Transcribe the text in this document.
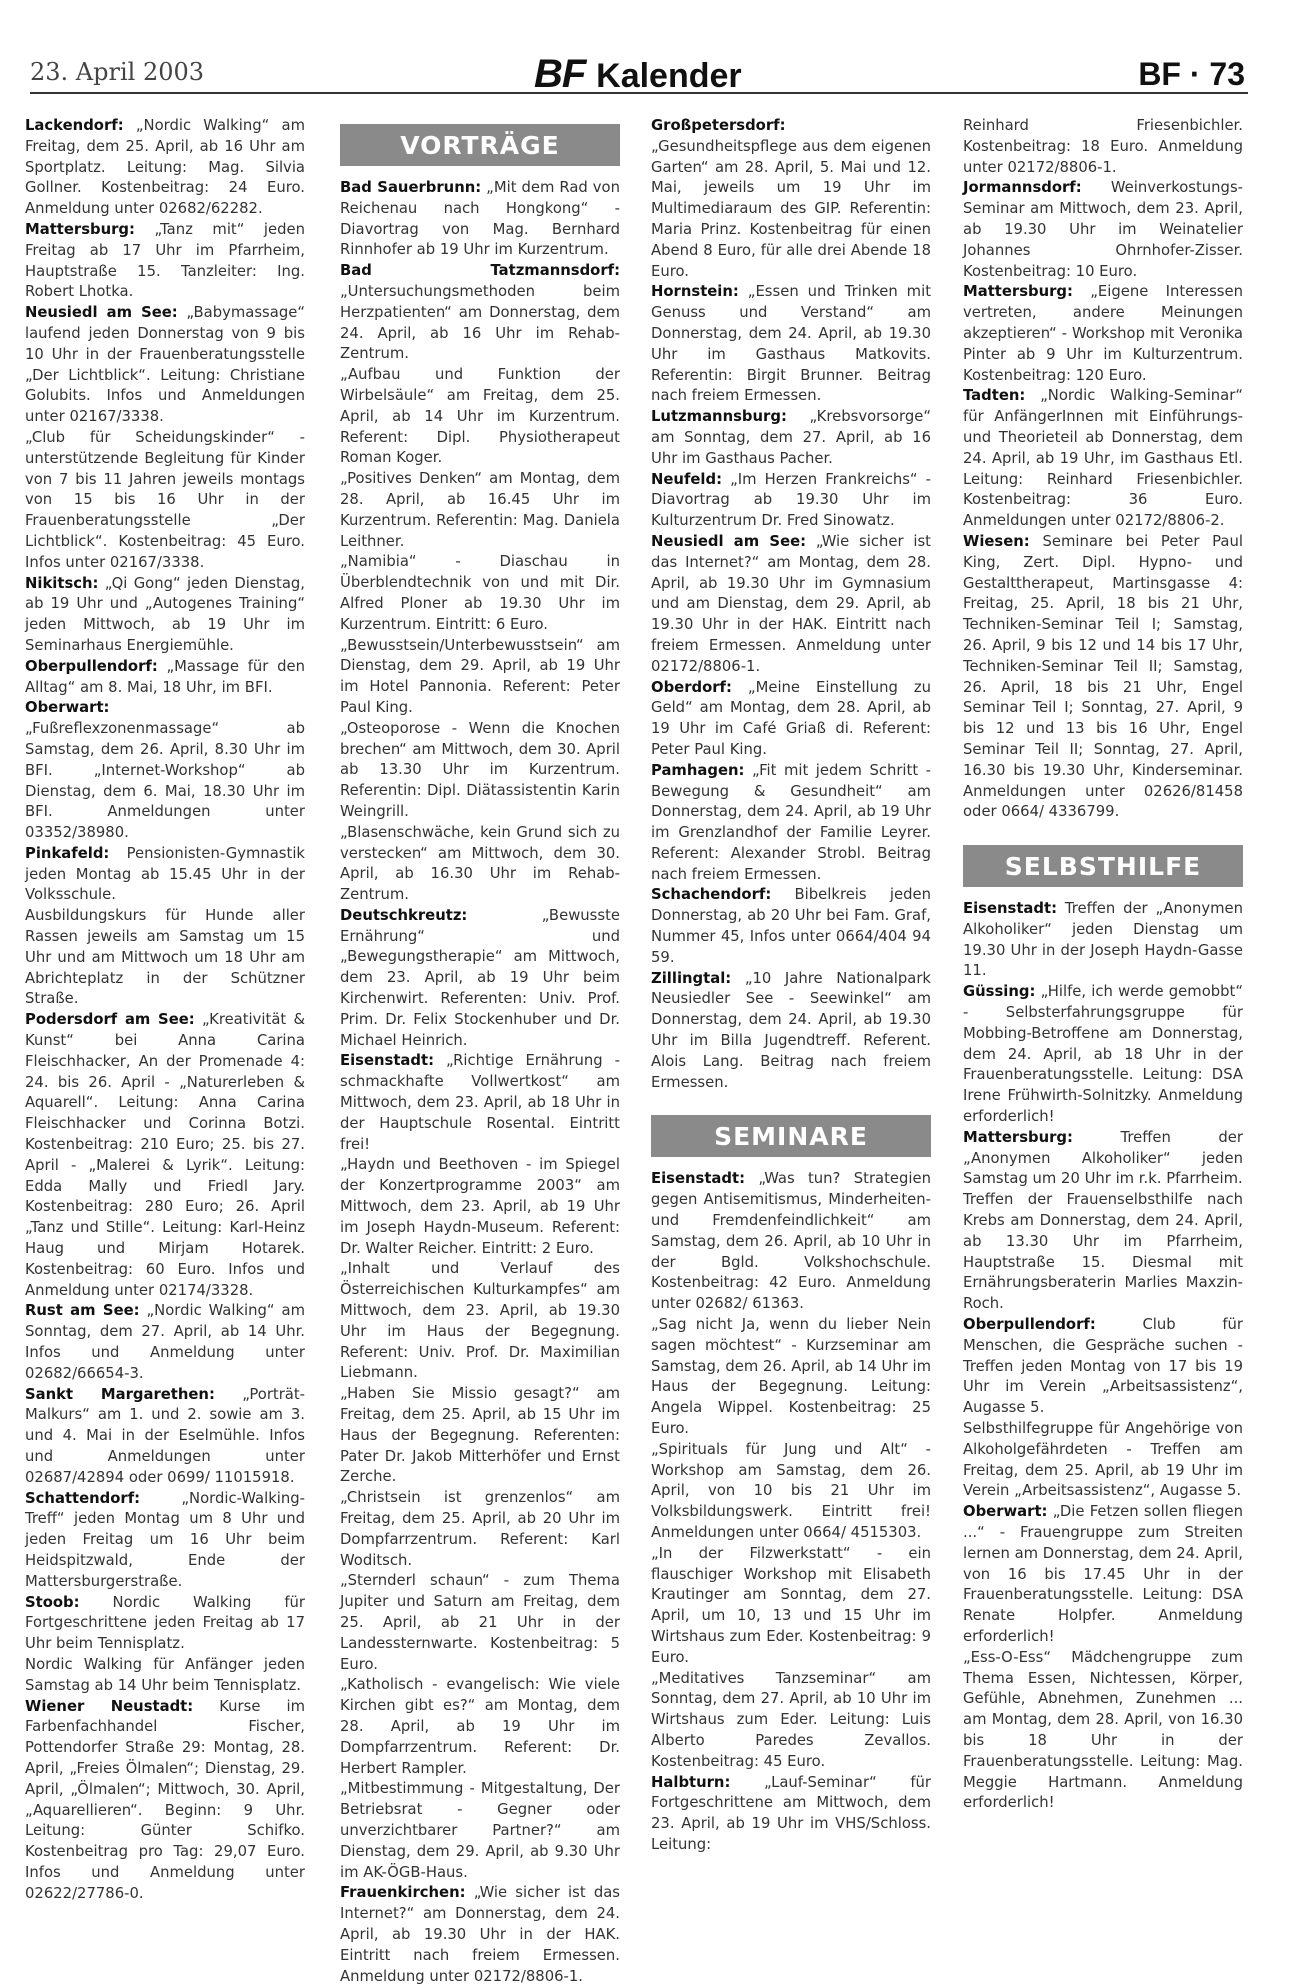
23. April 2003	BF Kalender	BF · 73

Lackendorf: „Nordic Walking“ am Freitag, dem 25. April, ab 16 Uhr am Sportplatz. Leitung: Mag. Silvia Gollner. Kostenbeitrag: 24 Euro. Anmeldung unter 02682/62282.

Mattersburg: „Tanz mit“ jeden Freitag ab 17 Uhr im Pfarrheim, Hauptstraße 15. Tanzleiter: Ing. Robert Lhotka.

Neusiedl am See: „Babymassage“ laufend jeden Donnerstag von 9 bis 10 Uhr in der Frauenberatungsstelle „Der Lichtblick“. Leitung: Christiane Golubits. Infos und Anmeldungen unter 02167/3338.

„Club für Scheidungskinder“ - unterstützende Begleitung für Kinder von 7 bis 11 Jahren jeweils montags von 15 bis 16 Uhr in der Frauenberatungsstelle „Der Lichtblick“. Kostenbeitrag: 45 Euro. Infos unter 02167/3338.

Nikitsch: „Qi Gong“ jeden Dienstag, ab 19 Uhr und „Autogenes Training“ jeden Mittwoch, ab 19 Uhr im Seminarhaus Energiemühle.

Oberpullendorf: „Massage für den Alltag“ am 8. Mai, 18 Uhr, im BFI.

Oberwart: „Fußreflexzonenmassage“ ab Samstag, dem 26. April, 8.30 Uhr im BFI. „Internet-Workshop“ ab Dienstag, dem 6. Mai, 18.30 Uhr im BFI. Anmeldungen unter 03352/38980.

Pinkafeld: Pensionisten-Gymnastik jeden Montag ab 15.45 Uhr in der Volksschule.

Ausbildungskurs für Hunde aller Rassen jeweils am Samstag um 15 Uhr und am Mittwoch um 18 Uhr am Abrichteplatz in der Schützner Straße.

Podersdorf am See: „Kreativität & Kunst“ bei Anna Carina Fleischhacker, An der Promenade 4: 24. bis 26. April - „Naturerleben & Aquarell“. Leitung: Anna Carina Fleischhacker und Corinna Botzi. Kostenbeitrag: 210 Euro; 25. bis 27. April - „Malerei & Lyrik“. Leitung: Edda Mally und Friedl Jary. Kostenbeitrag: 280 Euro; 26. April „Tanz und Stille“. Leitung: Karl-Heinz Haug und Mirjam Hotarek. Kostenbeitrag: 60 Euro. Infos und Anmeldung unter 02174/3328.

Rust am See: „Nordic Walking“ am Sonntag, dem 27. April, ab 14 Uhr. Infos und Anmeldung unter 02682/66654-3.

Sankt Margarethen: „Porträt-Malkurs“ am 1. und 2. sowie am 3. und 4. Mai in der Eselmühle. Infos und Anmeldungen unter 02687/42894 oder 0699/ 11015918.

Schattendorf: „Nordic-Walking-Treff“ jeden Montag um 8 Uhr und jeden Freitag um 16 Uhr beim Heidspitzwald, Ende der Mattersburgerstraße.

Stoob: Nordic Walking für Fortgeschrittene jeden Freitag ab 17 Uhr beim Tennisplatz.

Nordic Walking für Anfänger jeden Samstag ab 14 Uhr beim Tennisplatz.

Wiener Neustadt: Kurse im Farbenfachhandel Fischer, Pottendorfer Straße 29: Montag, 28. April, „Freies Ölmalen“; Dienstag, 29. April, „Ölmalen“; Mittwoch, 30. April, „Aquarellieren“. Beginn: 9 Uhr. Leitung: Günter Schifko. Kostenbeitrag pro Tag: 29,07 Euro. Infos und Anmeldung unter 02622/27786-0.

VORTRÄGE

Bad Sauerbrunn: „Mit dem Rad von Reichenau nach Hongkong“ - Diavortrag von Mag. Bernhard Rinnhofer ab 19 Uhr im Kurzentrum.

Bad Tatzmannsdorf: „Untersuchungsmethoden beim Herzpatienten“ am Donnerstag, dem 24. April, ab 16 Uhr im Rehab-Zentrum.

„Aufbau und Funktion der Wirbelsäule“ am Freitag, dem 25. April, ab 14 Uhr im Kurzentrum. Referent: Dipl. Physiotherapeut Roman Koger.

„Positives Denken“ am Montag, dem 28. April, ab 16.45 Uhr im Kurzentrum. Referentin: Mag. Daniela Leithner.

„Namibia“ - Diaschau in Überblendtechnik von und mit Dir. Alfred Ploner ab 19.30 Uhr im Kurzentrum. Eintritt: 6 Euro.

„Bewusstsein/Unterbewusstsein“ am Dienstag, dem 29. April, ab 19 Uhr im Hotel Pannonia. Referent: Peter Paul King.

„Osteoporose - Wenn die Knochen brechen“ am Mittwoch, dem 30. April ab 13.30 Uhr im Kurzentrum. Referentin: Dipl. Diätassistentin Karin Weingrill.

„Blasenschwäche, kein Grund sich zu verstecken“ am Mittwoch, dem 30. April, ab 16.30 Uhr im Rehab-Zentrum.

Deutschkreutz: „Bewusste Ernährung“ und „Bewegungstherapie“ am Mittwoch, dem 23. April, ab 19 Uhr beim Kirchenwirt. Referenten: Univ. Prof. Prim. Dr. Felix Stockenhuber und Dr. Michael Heinrich.

Eisenstadt: „Richtige Ernährung - schmackhafte Vollwertkost“ am Mittwoch, dem 23. April, ab 18 Uhr in der Hauptschule Rosental. Eintritt frei!

„Haydn und Beethoven - im Spiegel der Konzertprogramme 2003“ am Mittwoch, dem 23. April, ab 19 Uhr im Joseph Haydn-Museum. Referent: Dr. Walter Reicher. Eintritt: 2 Euro.

„Inhalt und Verlauf des Österreichischen Kulturkampfes“ am Mittwoch, dem 23. April, ab 19.30 Uhr im Haus der Begegnung. Referent: Univ. Prof. Dr. Maximilian Liebmann.

„Haben Sie Missio gesagt?“ am Freitag, dem 25. April, ab 15 Uhr im Haus der Begegnung. Referenten: Pater Dr. Jakob Mitterhöfer und Ernst Zerche.

„Christsein ist grenzenlos“ am Freitag, dem 25. April, ab 20 Uhr im Dompfarrzentrum. Referent: Karl Woditsch.

„Sternderl schaun“ - zum Thema Jupiter und Saturn am Freitag, dem 25. April, ab 21 Uhr in der Landessternwarte. Kostenbeitrag: 5 Euro.

„Katholisch - evangelisch: Wie viele Kirchen gibt es?“ am Montag, dem 28. April, ab 19 Uhr im Dompfarrzentrum. Referent: Dr. Herbert Rampler.

„Mitbestimmung - Mitgestaltung, Der Betriebsrat - Gegner oder unverzichtbarer Partner?“ am Dienstag, dem 29. April, ab 9.30 Uhr im AK-ÖGB-Haus.

Frauenkirchen: „Wie sicher ist das Internet?“ am Donnerstag, dem 24. April, ab 19.30 Uhr in der HAK. Eintritt nach freiem Ermessen. Anmeldung unter 02172/8806-1.

Großpetersdorf: „Gesundheitspflege aus dem eigenen Garten“ am 28. April, 5. Mai und 12. Mai, jeweils um 19 Uhr im Multimediaraum des GIP. Referentin: Maria Prinz. Kostenbeitrag für einen Abend 8 Euro, für alle drei Abende 18 Euro.

Hornstein: „Essen und Trinken mit Genuss und Verstand“ am Donnerstag, dem 24. April, ab 19.30 Uhr im Gasthaus Matkovits. Referentin: Birgit Brunner. Beitrag nach freiem Ermessen.

Lutzmannsburg: „Krebsvorsorge“ am Sonntag, dem 27. April, ab 16 Uhr im Gasthaus Pacher.

Neufeld: „Im Herzen Frankreichs“ - Diavortrag ab 19.30 Uhr im Kulturzentrum Dr. Fred Sinowatz.

Neusiedl am See: „Wie sicher ist das Internet?“ am Montag, dem 28. April, ab 19.30 Uhr im Gymnasium und am Dienstag, dem 29. April, ab 19.30 Uhr in der HAK. Eintritt nach freiem Ermessen. Anmeldung unter 02172/8806-1.

Oberdorf: „Meine Einstellung zu Geld“ am Montag, dem 28. April, ab 19 Uhr im Café Griaß di. Referent: Peter Paul King.

Pamhagen: „Fit mit jedem Schritt - Bewegung & Gesundheit“ am Donnerstag, dem 24. April, ab 19 Uhr im Grenzlandhof der Familie Leyrer. Referent: Alexander Strobl. Beitrag nach freiem Ermessen.

Schachendorf: Bibelkreis jeden Donnerstag, ab 20 Uhr bei Fam. Graf, Nummer 45, Infos unter 0664/404 94 59.

Zillingtal: „10 Jahre Nationalpark Neusiedler See - Seewinkel“ am Donnerstag, dem 24. April, ab 19.30 Uhr im Billa Jugendtreff. Referent. Alois Lang. Beitrag nach freiem Ermessen.

SEMINARE

Eisenstadt: „Was tun? Strategien gegen Antisemitismus, Minderheiten- und Fremdenfeindlichkeit“ am Samstag, dem 26. April, ab 10 Uhr in der Bgld. Volkshochschule. Kostenbeitrag: 42 Euro. Anmeldung unter 02682/ 61363.

„Sag nicht Ja, wenn du lieber Nein sagen möchtest“ - Kurzseminar am Samstag, dem 26. April, ab 14 Uhr im Haus der Begegnung. Leitung: Angela Wippel. Kostenbeitrag: 25 Euro.

„Spirituals für Jung und Alt“ - Workshop am Samstag, dem 26. April, von 10 bis 21 Uhr im Volksbildungswerk. Eintritt frei! Anmeldungen unter 0664/ 4515303.

„In der Filzwerkstatt“ - ein flauschiger Workshop mit Elisabeth Krautinger am Sonntag, dem 27. April, um 10, 13 und 15 Uhr im Wirtshaus zum Eder. Kostenbeitrag: 9 Euro.

„Meditatives Tanzseminar“ am Sonntag, dem 27. April, ab 10 Uhr im Wirtshaus zum Eder. Leitung: Luis Alberto Paredes Zevallos. Kostenbeitrag: 45 Euro.

Halbturn: „Lauf-Seminar“ für Fortgeschrittene am Mittwoch, dem 23. April, ab 19 Uhr im VHS/Schloss. Leitung:

Reinhard Friesenbichler. Kostenbeitrag: 18 Euro. Anmeldung unter 02172/8806-1.

Jormannsdorf: Weinverkostungs-Seminar am Mittwoch, dem 23. April, ab 19.30 Uhr im Weinatelier Johannes Ohrnhofer-Zisser. Kostenbeitrag: 10 Euro.

Mattersburg: „Eigene Interessen vertreten, andere Meinungen akzeptieren“ - Workshop mit Veronika Pinter ab 9 Uhr im Kulturzentrum. Kostenbeitrag: 120 Euro.

Tadten: „Nordic Walking-Seminar“ für AnfängerInnen mit Einführungs- und Theorieteil ab Donnerstag, dem 24. April, ab 19 Uhr, im Gasthaus Etl. Leitung: Reinhard Friesenbichler. Kostenbeitrag: 36 Euro. Anmeldungen unter 02172/8806-2.

Wiesen: Seminare bei Peter Paul King, Zert. Dipl. Hypno- und Gestalttherapeut, Martinsgasse 4: Freitag, 25. April, 18 bis 21 Uhr, Techniken-Seminar Teil I; Samstag, 26. April, 9 bis 12 und 14 bis 17 Uhr, Techniken-Seminar Teil II; Samstag, 26. April, 18 bis 21 Uhr, Engel Seminar Teil I; Sonntag, 27. April, 9 bis 12 und 13 bis 16 Uhr, Engel Seminar Teil II; Sonntag, 27. April, 16.30 bis 19.30 Uhr, Kinderseminar. Anmeldungen unter 02626/81458 oder 0664/ 4336799.

SELBSTHILFE

Eisenstadt: Treffen der „Anonymen Alkoholiker“ jeden Dienstag um 19.30 Uhr in der Joseph Haydn-Gasse 11.

Güssing: „Hilfe, ich werde gemobbt“ - Selbsterfahrungsgruppe für Mobbing-Betroffene am Donnerstag, dem 24. April, ab 18 Uhr in der Frauenberatungsstelle. Leitung: DSA Irene Frühwirth-Solnitzky. Anmeldung erforderlich!

Mattersburg: Treffen der „Anonymen Alkoholiker“ jeden Samstag um 20 Uhr im r.k. Pfarrheim.

Treffen der Frauenselbsthilfe nach Krebs am Donnerstag, dem 24. April, ab 13.30 Uhr im Pfarrheim, Hauptstraße 15. Diesmal mit Ernährungsberaterin Marlies Maxzin-Roch.

Oberpullendorf: Club für Menschen, die Gespräche suchen - Treffen jeden Montag von 17 bis 19 Uhr im Verein „Arbeitsassistenz“, Augasse 5.

Selbsthilfegruppe für Angehörige von Alkoholgefährdeten - Treffen am Freitag, dem 25. April, ab 19 Uhr im Verein „Arbeitsassistenz“, Augasse 5.

Oberwart: „Die Fetzen sollen fliegen ...“ - Frauengruppe zum Streiten lernen am Donnerstag, dem 24. April, von 16 bis 17.45 Uhr in der Frauenberatungsstelle. Leitung: DSA Renate Holpfer. Anmeldung erforderlich!

„Ess-O-Ess“ Mädchengruppe zum Thema Essen, Nichtessen, Körper, Gefühle, Abnehmen, Zunehmen ... am Montag, dem 28. April, von 16.30 bis 18 Uhr in der Frauenberatungsstelle. Leitung: Mag. Meggie Hartmann. Anmeldung erforderlich!
